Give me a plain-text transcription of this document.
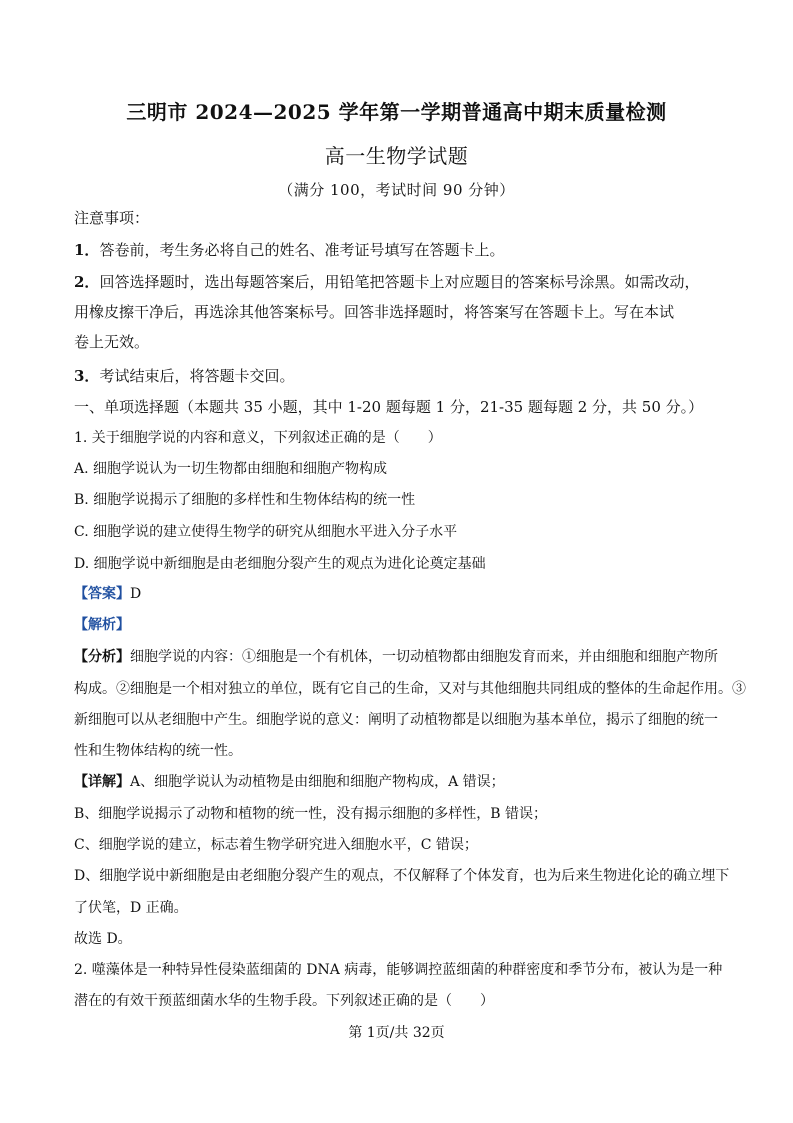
三明市 2024—2025 学年第一学期普通高中期末质量检测
高一生物学试题
（满分 100，考试时间 90 分钟）
注意事项：
1．答卷前，考生务必将自己的姓名、准考证号填写在答题卡上。
2．回答选择题时，选出每题答案后，用铅笔把答题卡上对应题目的答案标号涂黑。如需改动，
用橡皮擦干净后，再选涂其他答案标号。回答非选择题时，将答案写在答题卡上。写在本试
卷上无效。
3．考试结束后，将答题卡交回。
一、单项选择题（本题共 35 小题，其中 1-20 题每题 1 分，21-35 题每题 2 分，共 50 分。）
1. 关于细胞学说的内容和意义，下列叙述正确的是（　　）
A. 细胞学说认为一切生物都由细胞和细胞产物构成
B. 细胞学说揭示了细胞的多样性和生物体结构的统一性
C. 细胞学说的建立使得生物学的研究从细胞水平进入分子水平
D. 细胞学说中新细胞是由老细胞分裂产生的观点为进化论奠定基础
【答案】D
【解析】
【分析】细胞学说的内容：①细胞是一个有机体，一切动植物都由细胞发育而来，并由细胞和细胞产物所
构成。②细胞是一个相对独立的单位，既有它自己的生命，又对与其他细胞共同组成的整体的生命起作用。③
新细胞可以从老细胞中产生。细胞学说的意义：阐明了动植物都是以细胞为基本单位，揭示了细胞的统一
性和生物体结构的统一性。
【详解】A、细胞学说认为动植物是由细胞和细胞产物构成，A 错误；
B、细胞学说揭示了动物和植物的统一性，没有揭示细胞的多样性，B 错误；
C、细胞学说的建立，标志着生物学研究进入细胞水平，C 错误；
D、细胞学说中新细胞是由老细胞分裂产生的观点，不仅解释了个体发育，也为后来生物进化论的确立埋下
了伏笔，D 正确。
故选 D。
2. 噬藻体是一种特异性侵染蓝细菌的 DNA 病毒，能够调控蓝细菌的种群密度和季节分布，被认为是一种
潜在的有效干预蓝细菌水华的生物手段。下列叙述正确的是（　　）
第 1页/共 32页
